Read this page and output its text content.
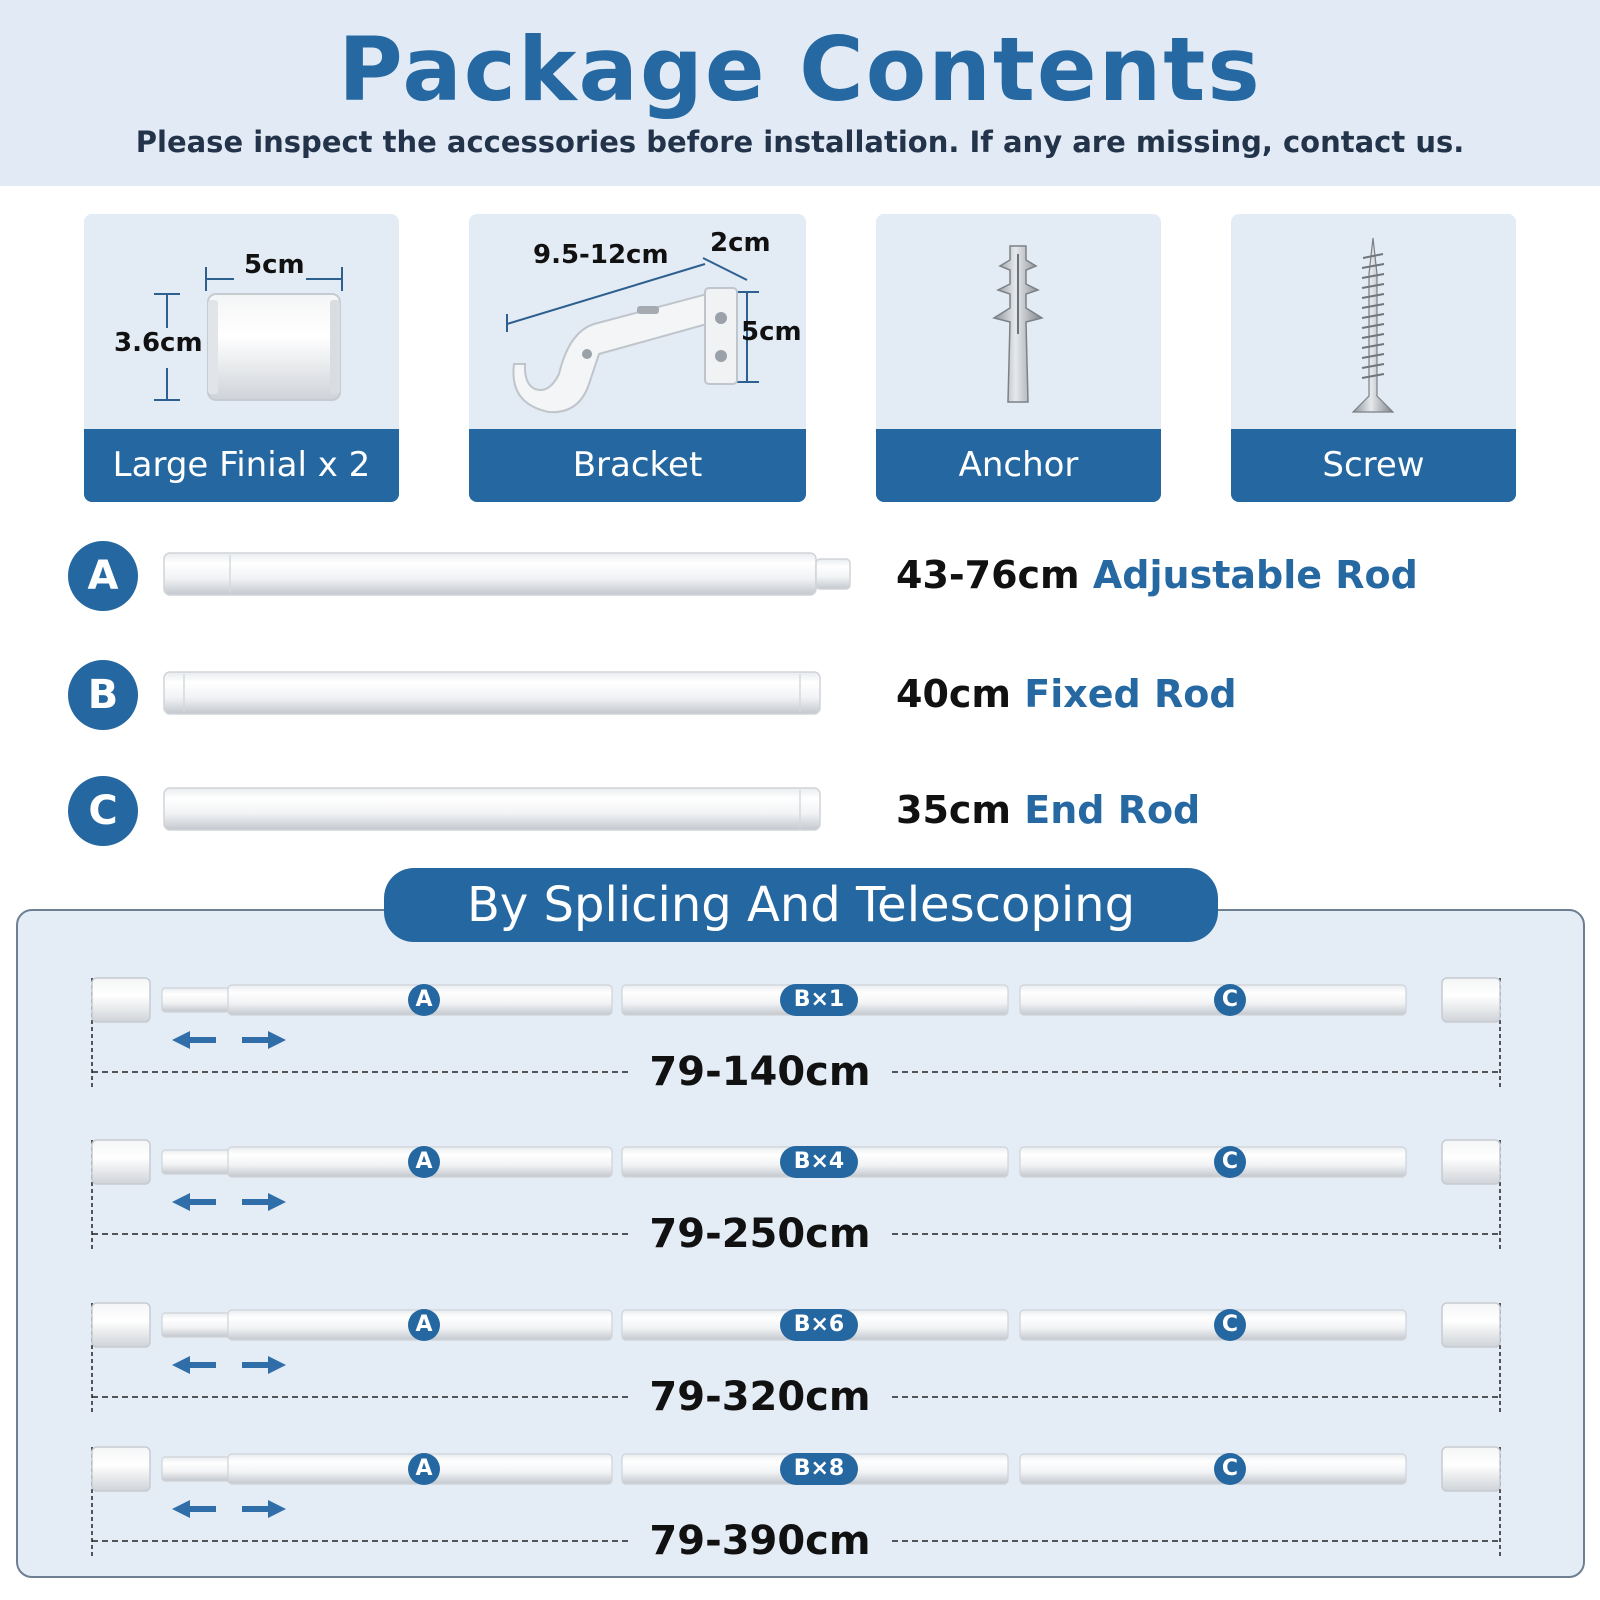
Package Contents
Please inspect the accessories before installation. If any are missing, contact us.
5cm
3.6cm
Large Finial x 2
9.5-12cm 2cm
5cm
Bracket	Anchor	Screw
A	43-76cm Adjustable Rod
B	40cm Fixed Rod
C	35cm End Rod
By Splicing And Telescoping
A	B×1	C
79-140cm
A	B×4	C
79-250cm
A	B×6	C
79-320cm
A	B×8	C
79-390cm
